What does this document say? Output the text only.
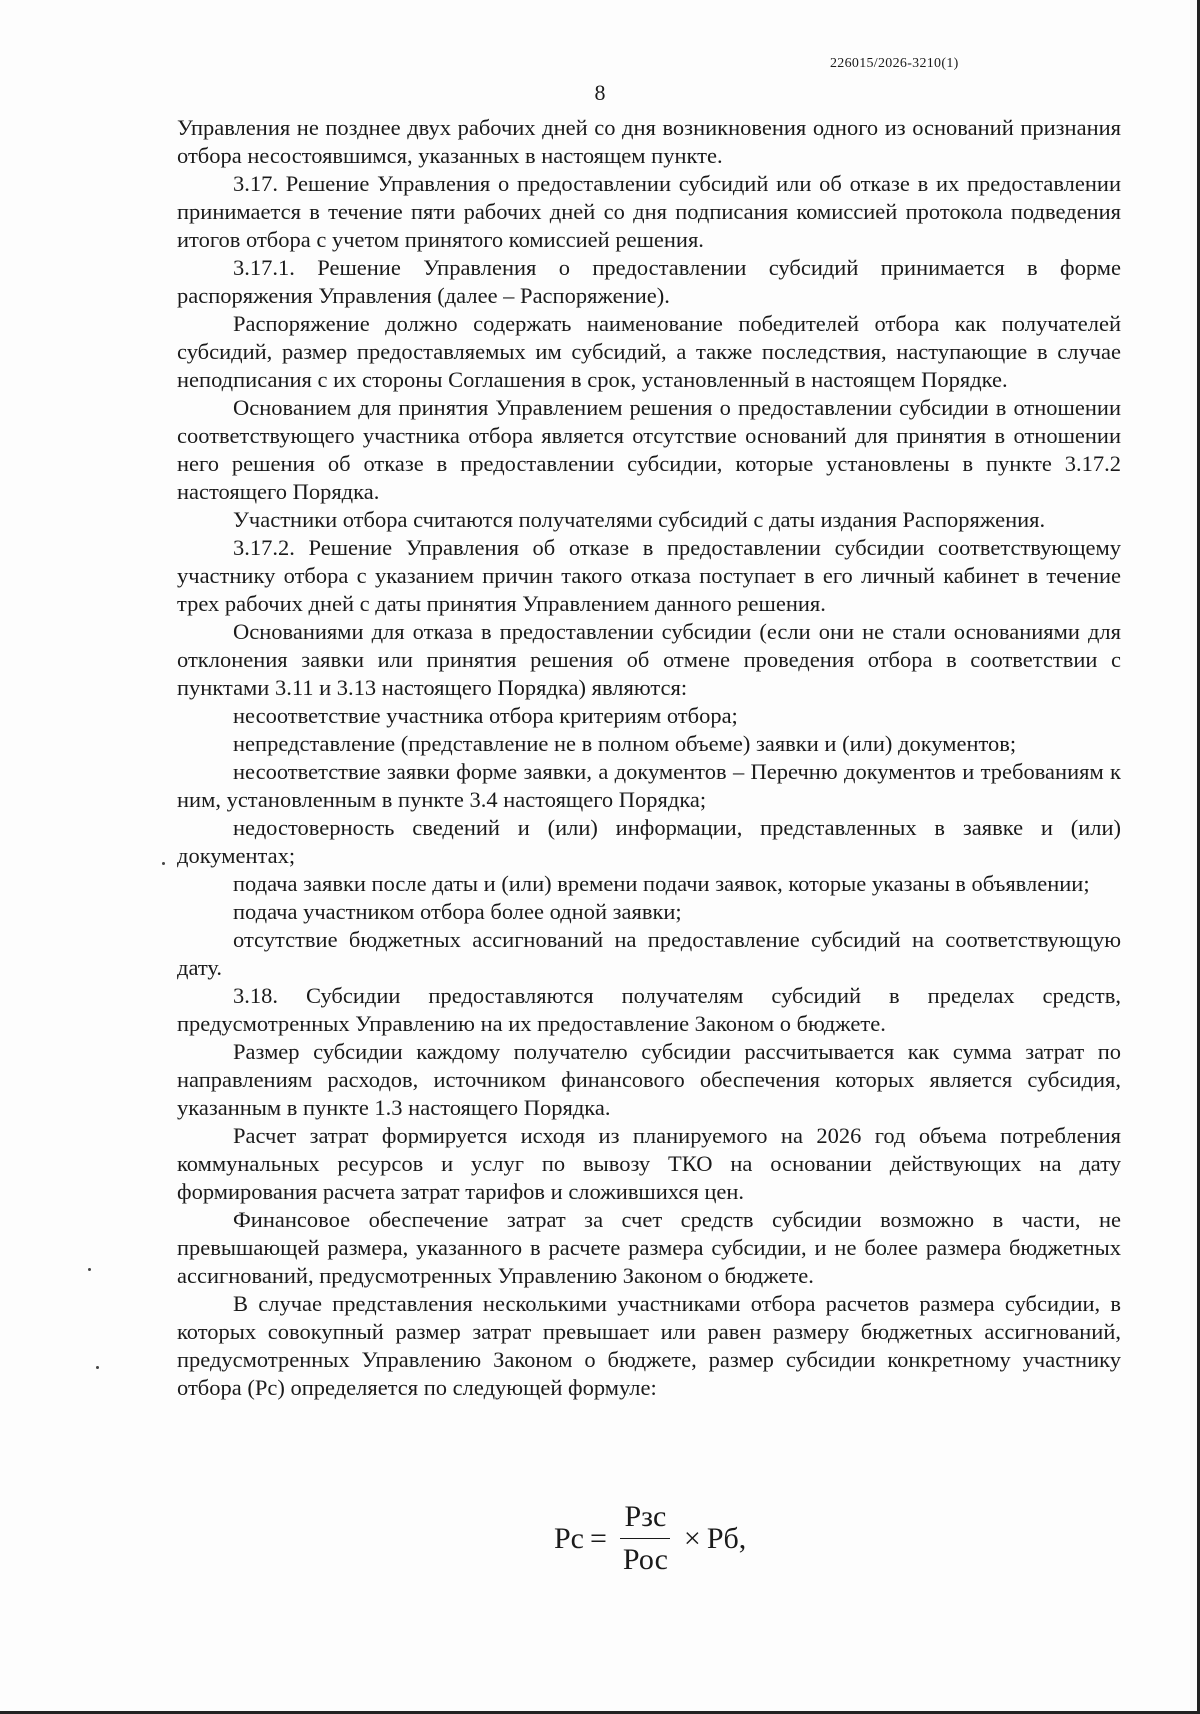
226015/2026-3210(1)
8

Управления не позднее двух рабочих дней со дня возникновения одного из оснований признания отбора несостоявшимся, указанных в настоящем пункте.

3.17. Решение Управления о предоставлении субсидий или об отказе в их предоставлении принимается в течение пяти рабочих дней со дня подписания комиссией протокола подведения итогов отбора с учетом принятого комиссией решения.

3.17.1. Решение Управления о предоставлении субсидий принимается в форме распоряжения Управления (далее – Распоряжение).

Распоряжение должно содержать наименование победителей отбора как получателей субсидий, размер предоставляемых им субсидий, а также последствия, наступающие в случае неподписания с их стороны Соглашения в срок, установленный в настоящем Порядке.

Основанием для принятия Управлением решения о предоставлении субсидии в отношении соответствующего участника отбора является отсутствие оснований для принятия в отношении него решения об отказе в предоставлении субсидии, которые установлены в пункте 3.17.2 настоящего Порядка.

Участники отбора считаются получателями субсидий с даты издания Распоряжения.

3.17.2. Решение Управления об отказе в предоставлении субсидии соответствующему участнику отбора с указанием причин такого отказа поступает в его личный кабинет в течение трех рабочих дней с даты принятия Управлением данного решения.

Основаниями для отказа в предоставлении субсидии (если они не стали основаниями для отклонения заявки или принятия решения об отмене проведения отбора в соответствии с пунктами 3.11 и 3.13 настоящего Порядка) являются:

несоответствие участника отбора критериям отбора;

непредставление (представление не в полном объеме) заявки и (или) документов;

несоответствие заявки форме заявки, а документов – Перечню документов и требованиям к ним, установленным в пункте 3.4 настоящего Порядка;

недостоверность сведений и (или) информации, представленных в заявке и (или) документах;

подача заявки после даты и (или) времени подачи заявок, которые указаны в объявлении;

подача участником отбора более одной заявки;

отсутствие бюджетных ассигнований на предоставление субсидий на соответствующую дату.

3.18. Субсидии предоставляются получателям субсидий в пределах средств, предусмотренных Управлению на их предоставление Законом о бюджете.

Размер субсидии каждому получателю субсидии рассчитывается как сумма затрат по направлениям расходов, источником финансового обеспечения которых является субсидия, указанным в пункте 1.3 настоящего Порядка.

Расчет затрат формируется исходя из планируемого на 2026 год объема потребления коммунальных ресурсов и услуг по вывозу ТКО на основании действующих на дату формирования расчета затрат тарифов и сложившихся цен.

Финансовое обеспечение затрат за счет средств субсидии возможно в части, не превышающей размера, указанного в расчете размера субсидии, и не более размера бюджетных ассигнований, предусмотренных Управлению Законом о бюджете.

В случае представления несколькими участниками отбора расчетов размера субсидии, в которых совокупный размер затрат превышает или равен размеру бюджетных ассигнований, предусмотренных Управлению Законом о бюджете, размер субсидии конкретному участнику отбора (Рс) определяется по следующей формуле:

Рс = $\frac{\text{Рзс}}{\text{Рос}}$ × Рб,
